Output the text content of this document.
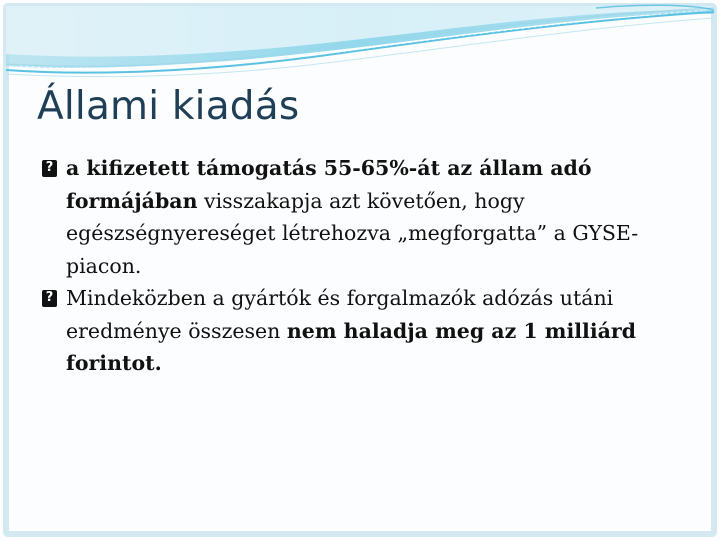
Állami kiadás

?
a kifizetett támogatás 55-65%-át az állam adó formájában visszakapja azt követően, hogy egészségnyereséget létrehozva „megforgatta” a GYSE-piacon.

?
Mindeközben a gyártók és forgalmazók adózás utáni eredménye összesen nem haladja meg az 1 milliárd forintot.
